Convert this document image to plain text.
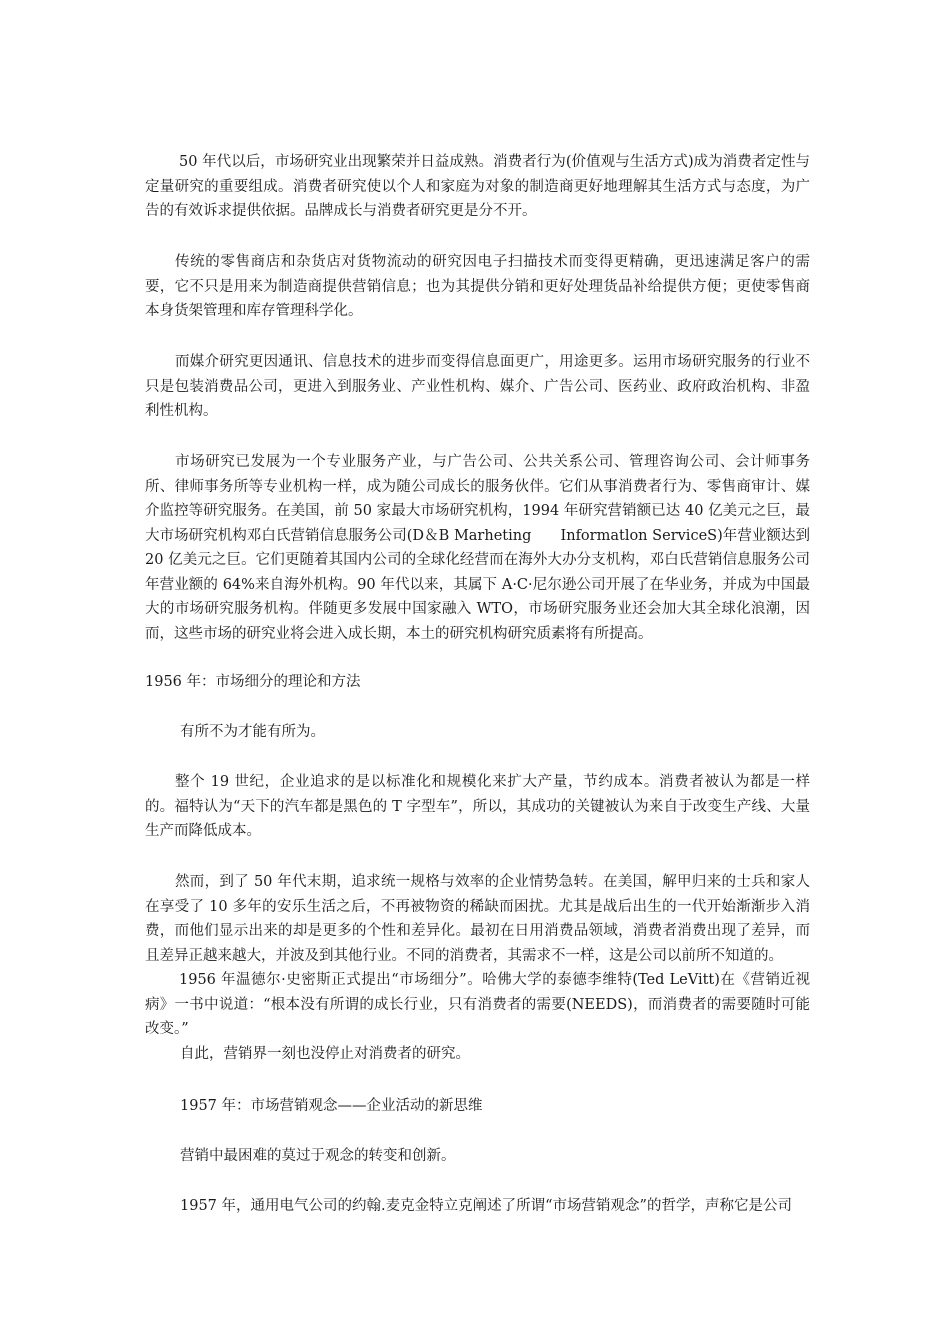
50 年代以后，市场研究业出现繁荣并日益成熟。消费者行为(价值观与生活方式)成为消费者定性与定量研究的重要组成。消费者研究使以个人和家庭为对象的制造商更好地理解其生活方式与态度，为广告的有效诉求提供依据。品牌成长与消费者研究更是分不开。

传统的零售商店和杂货店对货物流动的研究因电子扫描技术而变得更精确，更迅速满足客户的需要，它不只是用来为制造商提供营销信息；也为其提供分销和更好处理货品补给提供方便；更使零售商本身货架管理和库存管理科学化。

而媒介研究更因通讯、信息技术的进步而变得信息面更广，用途更多。运用市场研究服务的行业不只是包装消费品公司，更进入到服务业、产业性机构、媒介、广告公司、医药业、政府政治机构、非盈利性机构。

市场研究已发展为一个专业服务产业，与广告公司、公共关系公司、管理咨询公司、会计师事务所、律师事务所等专业机构一样，成为随公司成长的服务伙伴。它们从事消费者行为、零售商审计、媒介监控等研究服务。在美国，前 50 家最大市场研究机构，1994 年研究营销额已达 40 亿美元之巨，最大市场研究机构邓白氏营销信息服务公司(D＆B Marheting　　Informatlon ServiceS)年营业额达到 20 亿美元之巨。它们更随着其国内公司的全球化经营而在海外大办分支机构，邓白氏营销信息服务公司年营业额的 64%来自海外机构。90 年代以来，其属下 A·C·尼尔逊公司开展了在华业务，并成为中国最大的市场研究服务机构。伴随更多发展中国家融入 WTO，市场研究服务业还会加大其全球化浪潮，因而，这些市场的研究业将会进入成长期，本土的研究机构研究质素将有所提高。

1956 年：市场细分的理论和方法

有所不为才能有所为。

整个 19 世纪，企业追求的是以标准化和规模化来扩大产量，节约成本。消费者被认为都是一样的。福特认为“天下的汽车都是黑色的 T 字型车”，所以，其成功的关键被认为来自于改变生产线、大量生产而降低成本。

然而，到了 50 年代末期，追求统一规格与效率的企业情势急转。在美国，解甲归来的士兵和家人在享受了 10 多年的安乐生活之后，不再被物资的稀缺而困扰。尤其是战后出生的一代开始渐渐步入消费，而他们显示出来的却是更多的个性和差异化。最初在日用消费品领域，消费者消费出现了差异，而且差异正越来越大，并波及到其他行业。不同的消费者，其需求不一样，这是公司以前所不知道的。

1956 年温德尔·史密斯正式提出“市场细分”。哈佛大学的泰德李维特(Ted LeVitt)在《营销近视病》一书中说道：“根本没有所谓的成长行业，只有消费者的需要(NEEDS)，而消费者的需要随时可能改变。”

自此，营销界一刻也没停止对消费者的研究。

1957 年：市场营销观念——企业活动的新思维

营销中最困难的莫过于观念的转变和创新。

1957 年，通用电气公司的约翰.麦克金特立克阐述了所谓“市场营销观念”的哲学，声称它是公司
